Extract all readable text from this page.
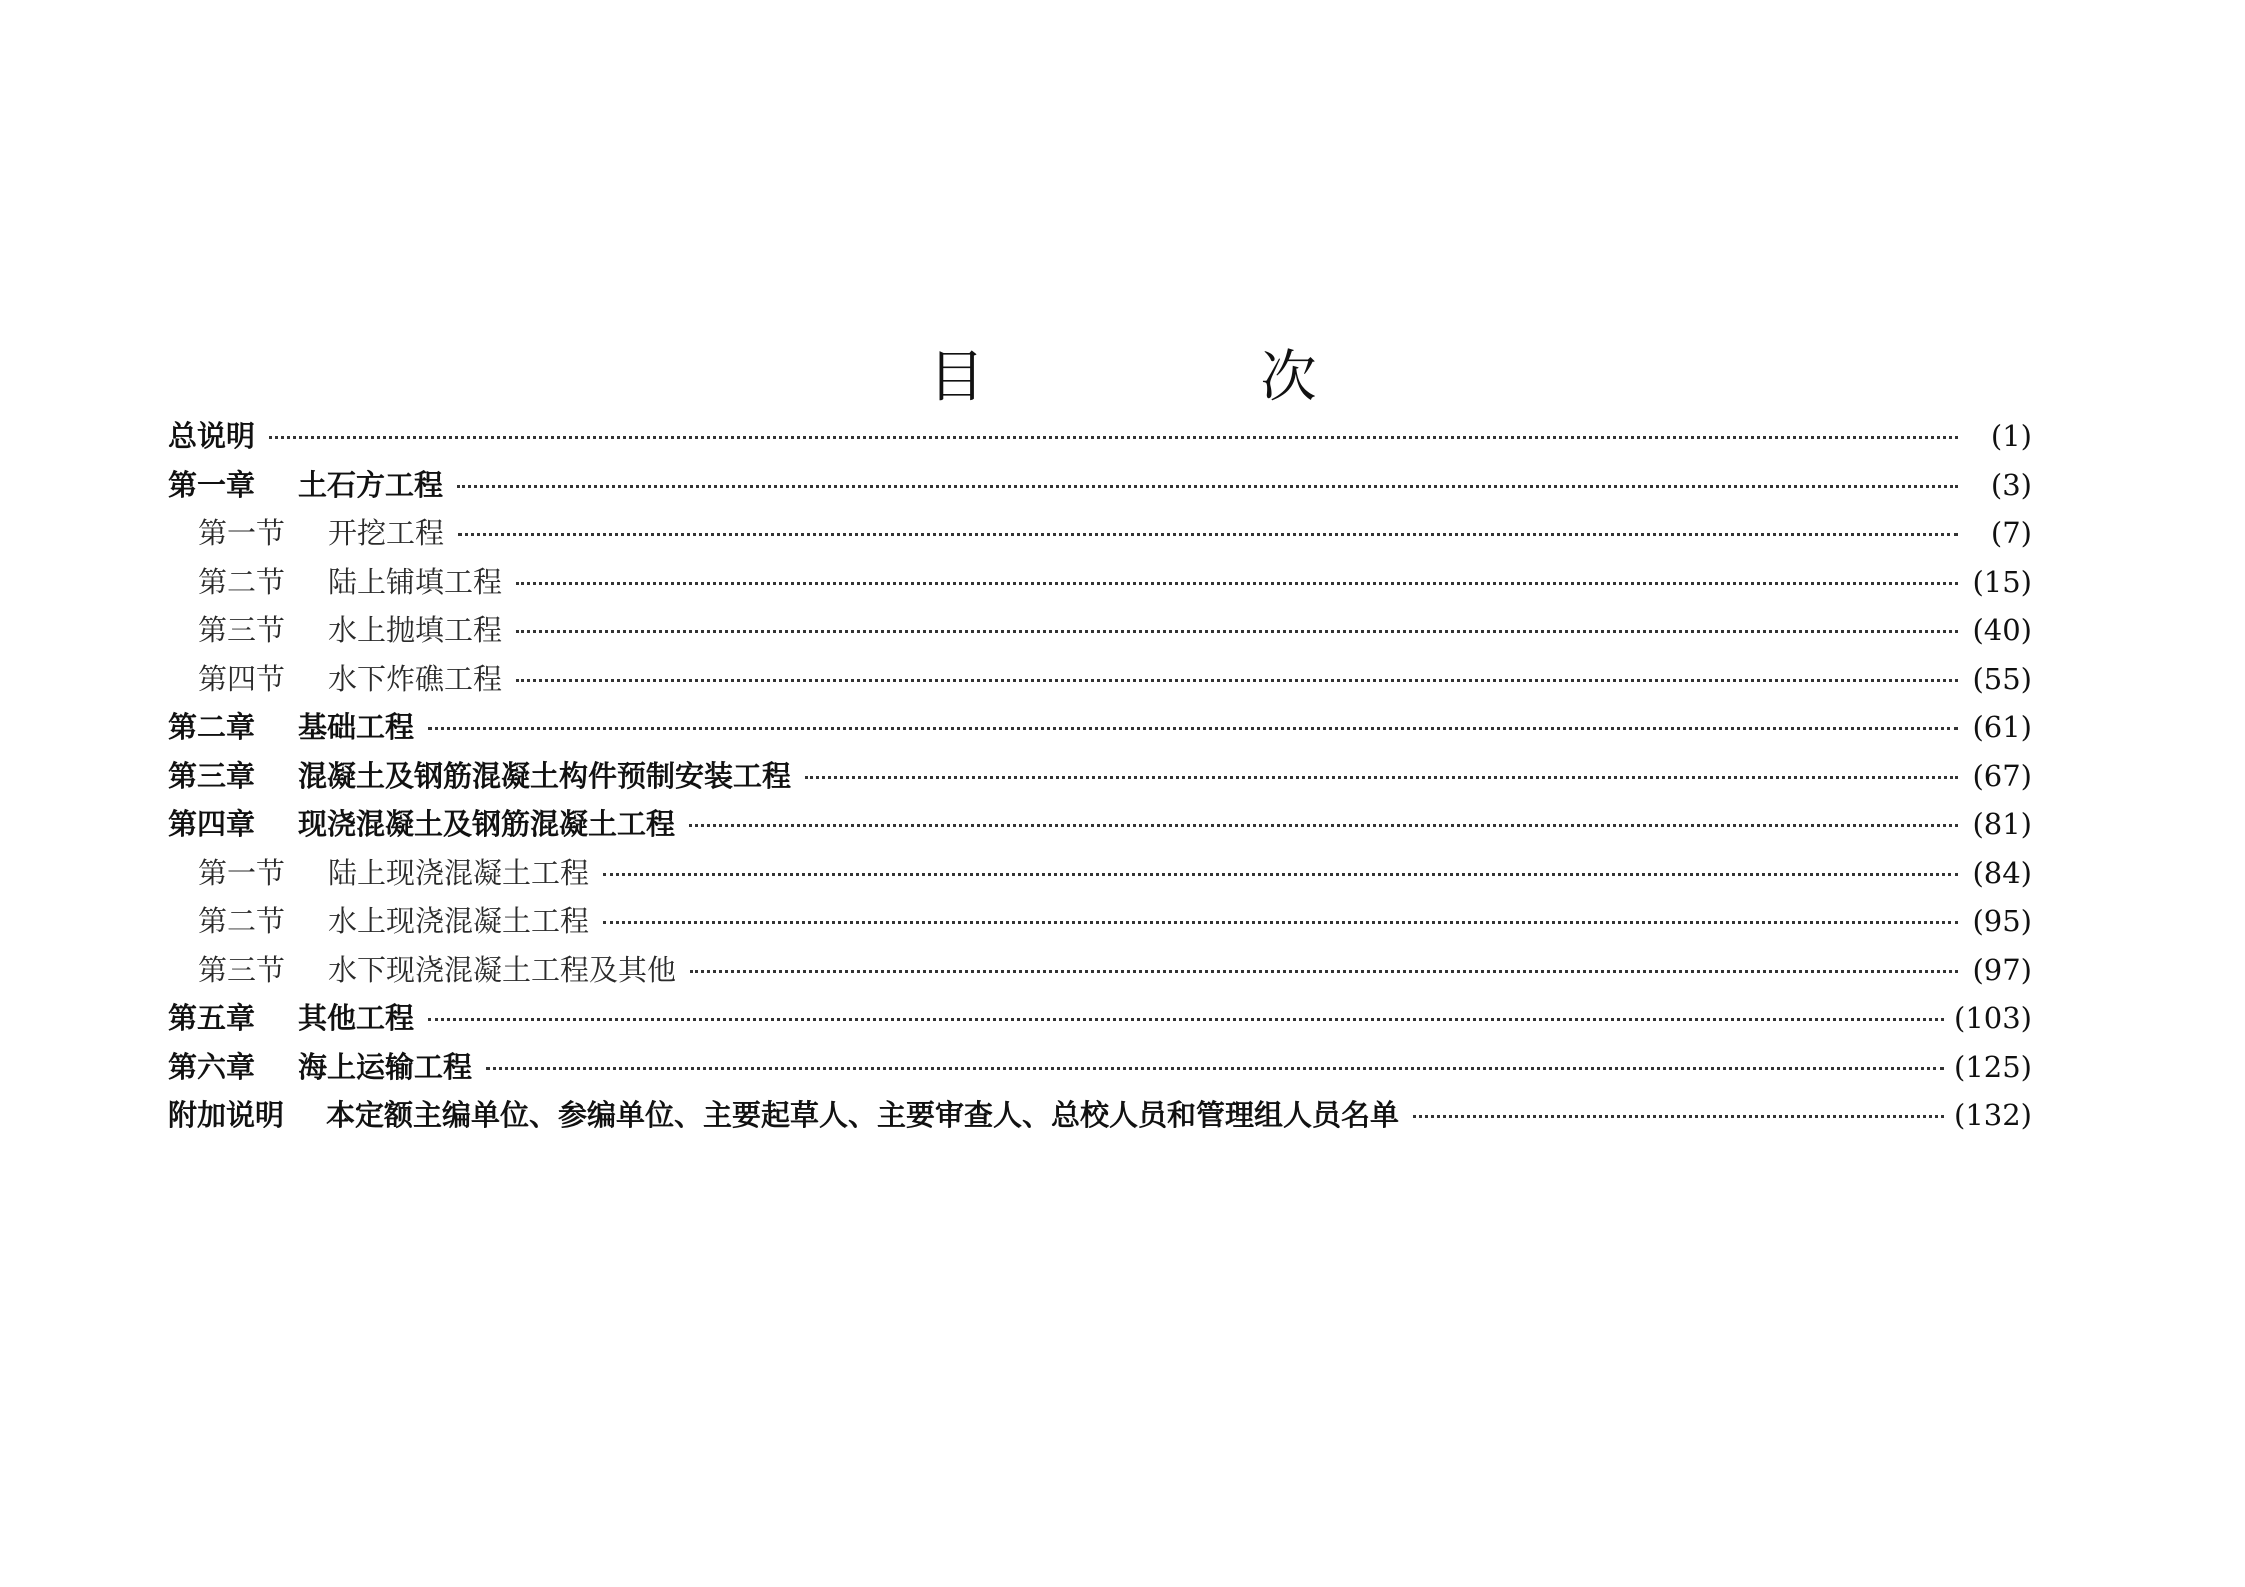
目　次
总说明	(1)
第一章	土石方工程	(3)
第一节	开挖工程	(7)
第二节	陆上铺填工程	(15)
第三节	水上抛填工程	(40)
第四节	水下炸礁工程	(55)
第二章	基础工程	(61)
第三章	混凝土及钢筋混凝土构件预制安装工程	(67)
第四章	现浇混凝土及钢筋混凝土工程	(81)
第一节	陆上现浇混凝土工程	(84)
第二节	水上现浇混凝土工程	(95)
第三节	水下现浇混凝土工程及其他	(97)
第五章	其他工程	(103)
第六章	海上运输工程	(125)
附加说明	本定额主编单位、参编单位、主要起草人、主要审查人、总校人员和管理组人员名单	(132)
